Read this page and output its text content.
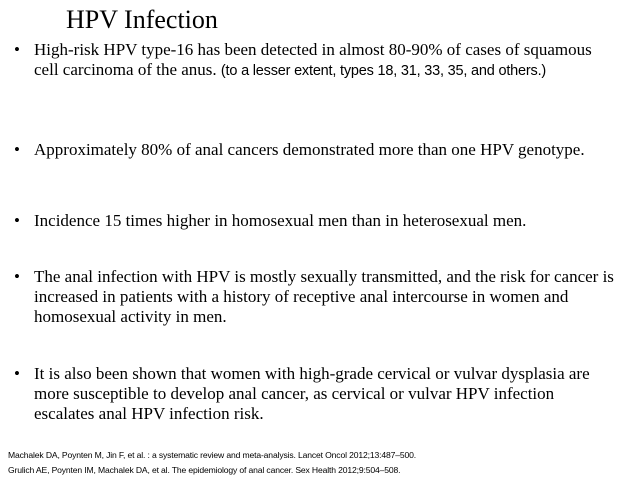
HPV Infection
• High-risk HPV type-16 has been detected in almost 80-90% of cases of squamous cell carcinoma of the anus. (to a lesser extent, types 18, 31, 33, 35, and others.)
• Approximately 80% of anal cancers demonstrated more than one HPV genotype.
• Incidence 15 times higher in homosexual men than in heterosexual men.
• The anal infection with HPV is mostly sexually transmitted, and the risk for cancer is increased in patients with a history of receptive anal intercourse in women and homosexual activity in men.
• It is also been shown that women with high-grade cervical or vulvar dysplasia are more susceptible to develop anal cancer, as cervical or vulvar HPV infection escalates anal HPV infection risk.
Machalek DA, Poynten M, Jin F, et al. : a systematic review and meta-analysis. Lancet Oncol 2012;13:487–500.
Grulich AE, Poynten IM, Machalek DA, et al. The epidemiology of anal cancer. Sex Health 2012;9:504–508.
